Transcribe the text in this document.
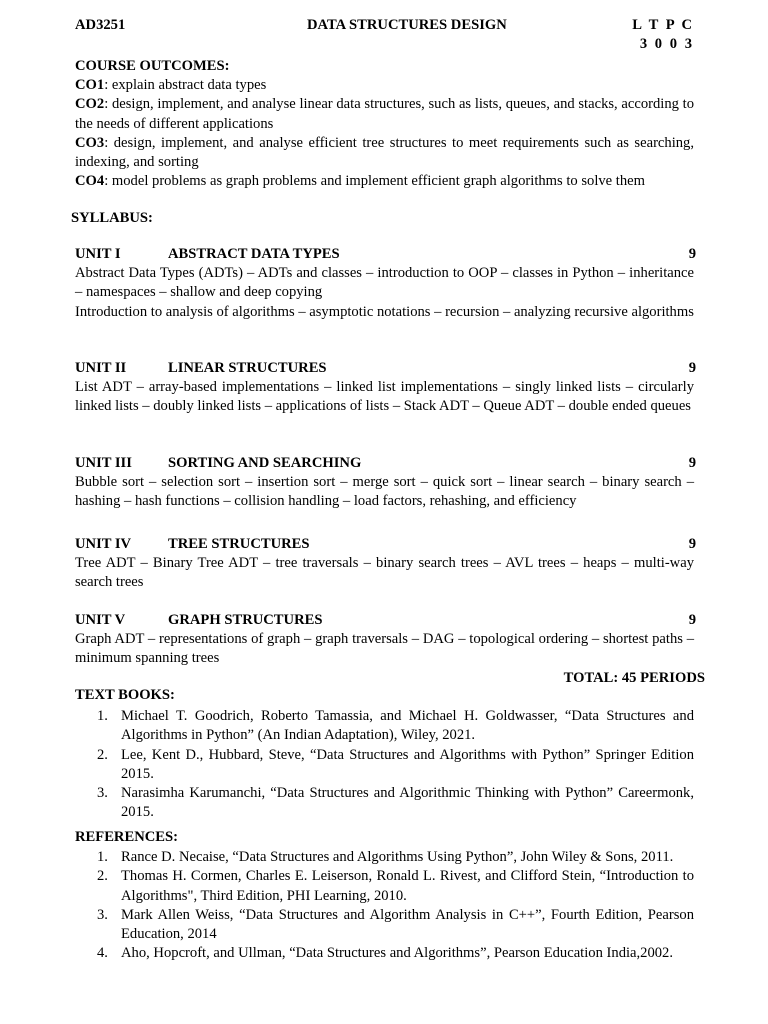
AD3251	DATA STRUCTURES DESIGN	L T P C
3 0 0 3
COURSE OUTCOMES:

CO1: explain abstract data types

CO2: design, implement, and analyse linear data structures, such as lists, queues, and stacks, according to the needs of different applications

CO3: design, implement, and analyse efficient tree structures to meet requirements such as searching, indexing, and sorting

CO4: model problems as graph problems and implement efficient graph algorithms to solve them

SYLLABUS:
UNIT I	ABSTRACT DATA TYPES	9

Abstract Data Types (ADTs) – ADTs and classes – introduction to OOP – classes in Python – inheritance – namespaces – shallow and deep copying

Introduction to analysis of algorithms – asymptotic notations – recursion – analyzing recursive algorithms

UNIT II	LINEAR STRUCTURES	9

List ADT – array-based implementations – linked list implementations – singly linked lists – circularly linked lists – doubly linked lists – applications of lists – Stack ADT – Queue ADT – double ended queues

UNIT III SORTING AND SEARCHING	9

Bubble sort – selection sort – insertion sort – merge sort – quick sort – linear search – binary search – hashing – hash functions – collision handling – load factors, rehashing, and efficiency

UNIT IV	TREE STRUCTURES	9

Tree ADT – Binary Tree ADT – tree traversals – binary search trees – AVL trees – heaps – multi-way search trees

UNIT V	GRAPH STRUCTURES	9

Graph ADT – representations of graph – graph traversals – DAG – topological ordering – shortest paths – minimum spanning trees

TOTAL: 45 PERIODS
TEXT BOOKS:
1. Michael T. Goodrich, Roberto Tamassia, and Michael H. Goldwasser, “Data Structures and Algorithms in Python” (An Indian Adaptation), Wiley, 2021.
2. Lee, Kent D., Hubbard, Steve, “Data Structures and Algorithms with Python” Springer Edition 2015.
3. Narasimha Karumanchi, “Data Structures and Algorithmic Thinking with Python” Careermonk, 2015.
REFERENCES:
1. Rance D. Necaise, “Data Structures and Algorithms Using Python”, John Wiley & Sons, 2011.
2. Thomas H. Cormen, Charles E. Leiserson, Ronald L. Rivest, and Clifford Stein, “Introduction to Algorithms", Third Edition, PHI Learning, 2010.
3. Mark Allen Weiss, “Data Structures and Algorithm Analysis in C++”, Fourth Edition, Pearson Education, 2014
4. Aho, Hopcroft, and Ullman, “Data Structures and Algorithms”, Pearson Education India,2002.
